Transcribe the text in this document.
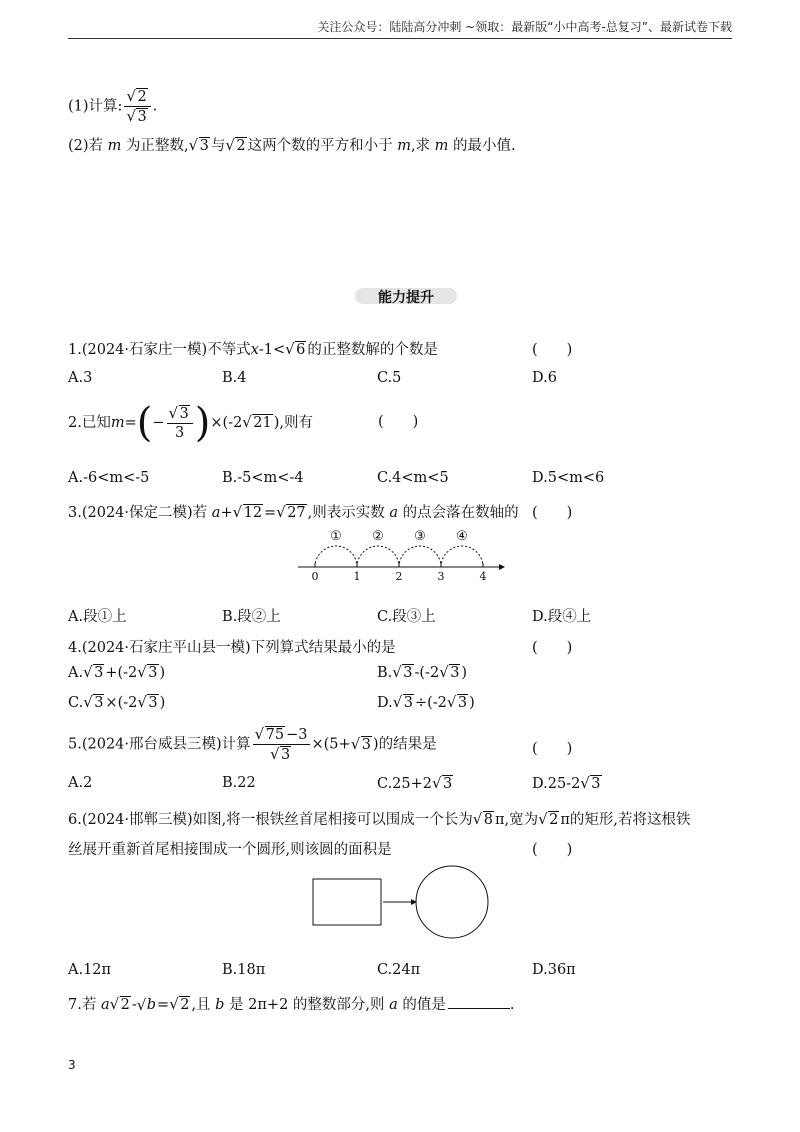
关注公众号：陆陆高分冲刺 ~领取：最新版“小中高考-总复习”、最新试卷下载
(1)计算:
√ 2
√ 3 .
(2)若 m 为正整数,√ 3 与√ 2 这两个数的平方和小于 m,求 m 的最小值.
能力提升
1.(2024·石家庄一模)不等式x-1<√ 6 的正整数解的个数是	(　　)
A.3	B.4	C.5	D.6
2.已知m=(−
√ $\frac{3}{3} )\times(-2√$ 21 ),则有	(　　)
A.-6<m<-5	B.-5<m<-4	C.4<m<5	D.5<m<6
3.(2024·保定二模)若 a+√ 12 =√ 27 ,则表示实数 a 的点会落在数轴的 (　　)
0	1	2	3	4
① ② ③ ④
A.段①上	B.段②上	C.段③上	D.段④上
4.(2024·石家庄平山县一模)下列算式结果最小的是	(　　)
A.√ 3 +(-2√ 3 )	B.√ 3 -(-2√ 3 )
C.√ 3 ×(-2√ 3 )	D.√ 3 ÷(-2√ 3 )
5.(2024·邢台威县三模)计算
√ 75 −3
√ 3 ×(5+√ 3 )的结果是	(　　)
A.2	B.22	C.25+2√ 3	D.25-2√ 3
6.(2024·邯郸三模)如图,将一根铁丝首尾相接可以围成一个长为√ 8 π,宽为√ 2 π的矩形,若将这根铁
丝展开重新首尾相接围成一个圆形,则该圆的面积是	(　　)
A.12π	B.18π	C.24π	D.36π
7.若 a√ 2 -√ b=√ 2 ,且 b 是 2π+2 的整数部分,则 a 的值是	.
3
